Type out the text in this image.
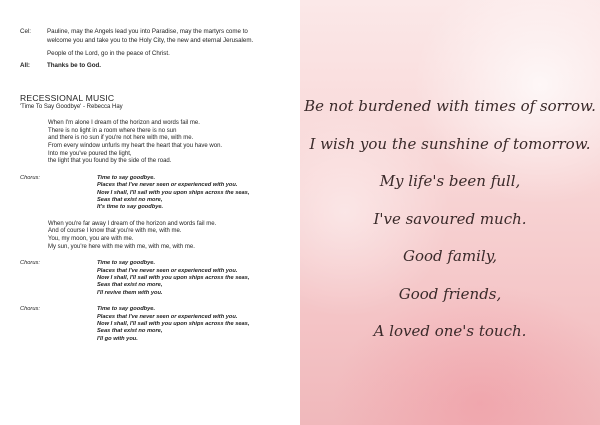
Cel:	Pauline, may the Angels lead you into Paradise, may the martyrs come to
welcome you and take you to the Holy City, the new and eternal Jerusalem.
People of the Lord, go in the peace of Christ.
All:	Thanks be to God.
RECESSIONAL MUSIC
'Time To Say Goodbye' - Rebecca Hay
When I'm alone I dream of the horizon and words fail me.
There is no light in a room where there is no sun
and there is no sun if you're not here with me, with me.
From every window unfurls my heart the heart that you have won.
Into me you've poured the light,
the light that you found by the side of the road.
Chorus:	Time to say goodbye.
Places that I've never seen or experienced with you.
Now I shall, I'll sail with you upon ships across the seas,
Seas that exist no more,
It's time to say goodbye.
When you're far away I dream of the horizon and words fail me.
And of course I know that you're with me, with me.
You, my moon, you are with me.
My sun, you're here with me with me, with me, with me.
Chorus:	Time to say goodbye.
Places that I've never seen or experienced with you.
Now I shall, I'll sail with you upon ships across the seas,
Seas that exist no more,
I'll revive them with you.
Chorus:	Time to say goodbye.
Places that I've never seen or experienced with you.
Now I shall, I'll sail with you upon ships across the seas,
Seas that exist no more,
I'll go with you.
Be not burdened with times of sorrow.
I wish you the sunshine of tomorrow.
My life's been full,
I've savoured much.
Good family,
Good friends,
A loved one's touch.
